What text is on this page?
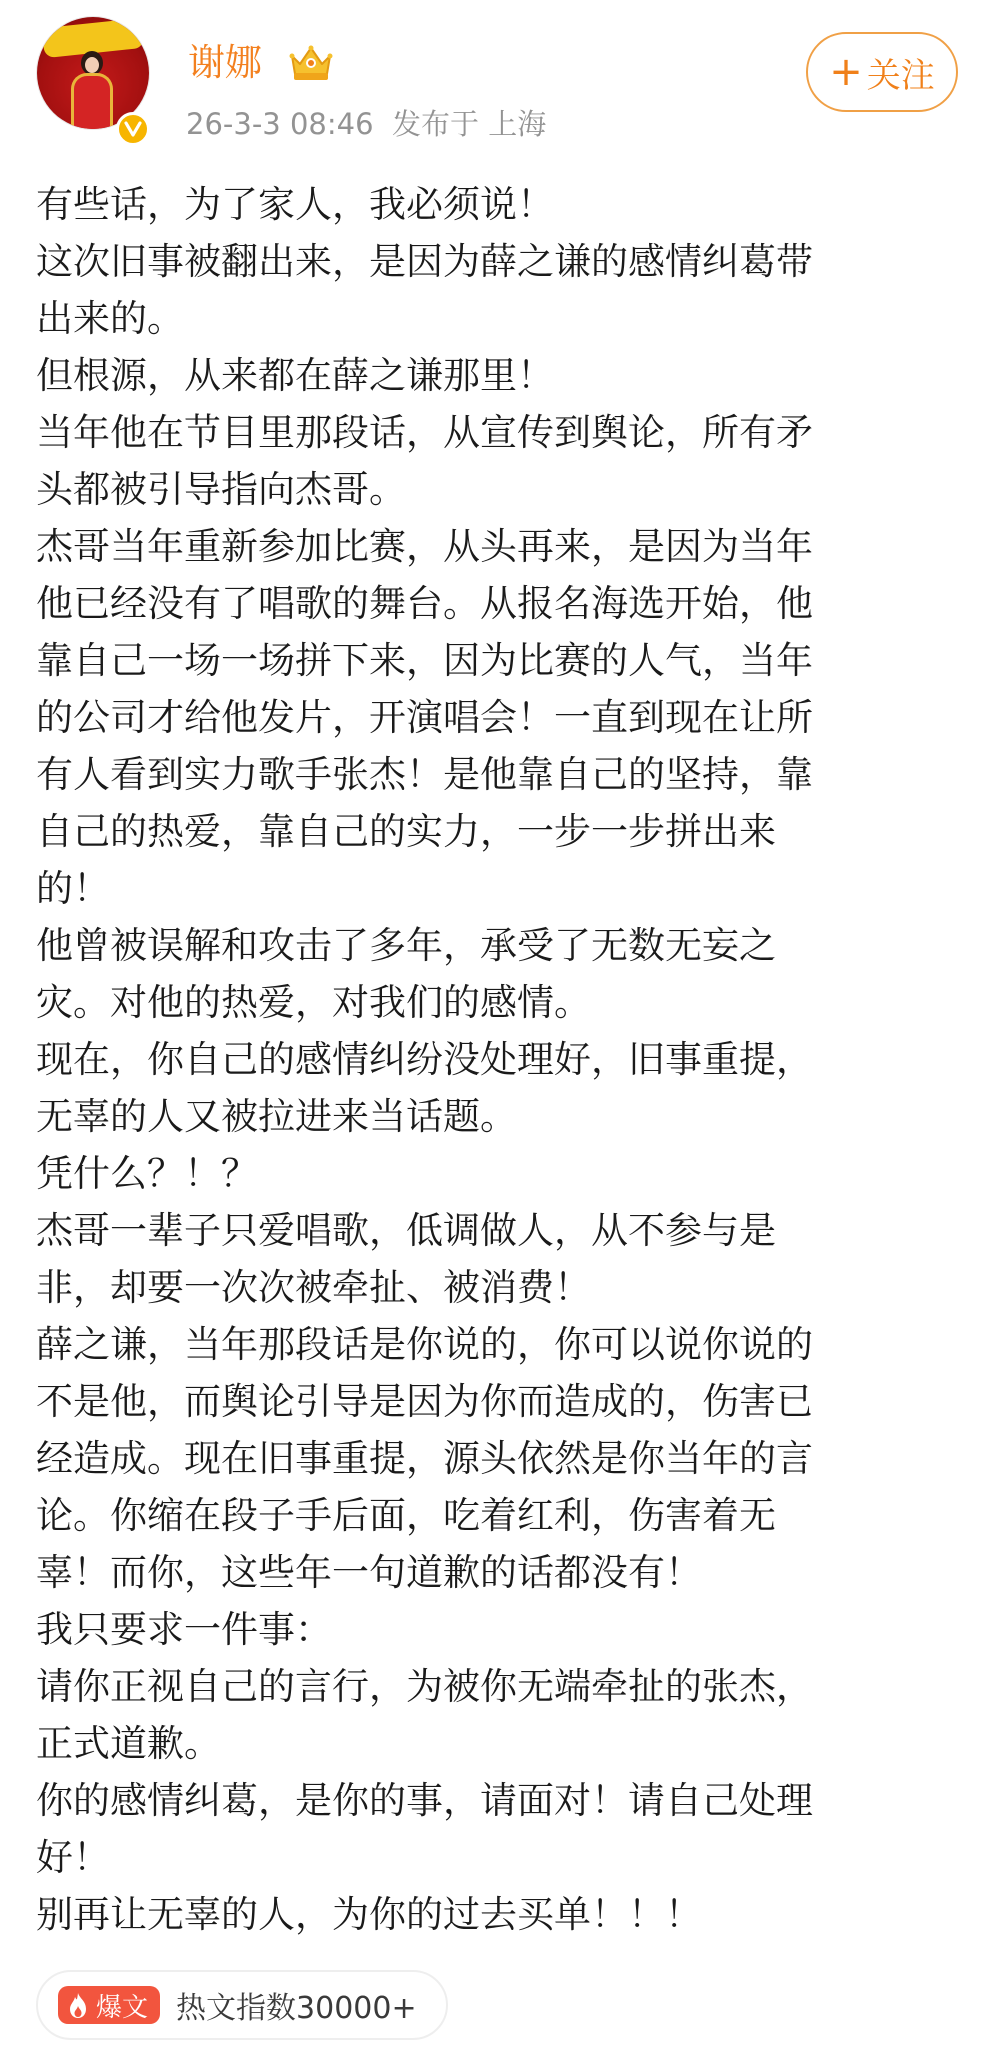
谢娜
26-3-3 08:46 发布于 上海
+ 关注
有些话，为了家人，我必须说！
这次旧事被翻出来，是因为薛之谦的感情纠葛带
出来的。
但根源，从来都在薛之谦那里！
当年他在节目里那段话，从宣传到舆论，所有矛
头都被引导指向杰哥。
杰哥当年重新参加比赛，从头再来，是因为当年
他已经没有了唱歌的舞台。从报名海选开始，他
靠自己一场一场拼下来，因为比赛的人气，当年
的公司才给他发片，开演唱会！一直到现在让所
有人看到实力歌手张杰！是他靠自己的坚持，靠
自己的热爱，靠自己的实力，一步一步拼出来
的！
他曾被误解和攻击了多年，承受了无数无妄之
灾。对他的热爱，对我们的感情。
现在，你自己的感情纠纷没处理好，旧事重提，
无辜的人又被拉进来当话题。
凭什么？！？
杰哥一辈子只爱唱歌，低调做人，从不参与是
非，却要一次次被牵扯、被消费！
薛之谦，当年那段话是你说的，你可以说你说的
不是他，而舆论引导是因为你而造成的，伤害已
经造成。现在旧事重提，源头依然是你当年的言
论。你缩在段子手后面，吃着红利，伤害着无
辜！而你，这些年一句道歉的话都没有！
我只要求一件事：
请你正视自己的言行，为被你无端牵扯的张杰，
正式道歉。
你的感情纠葛，是你的事，请面对！请自己处理
好！
别再让无辜的人，为你的过去买单！！！
爆文 热文指数30000+
